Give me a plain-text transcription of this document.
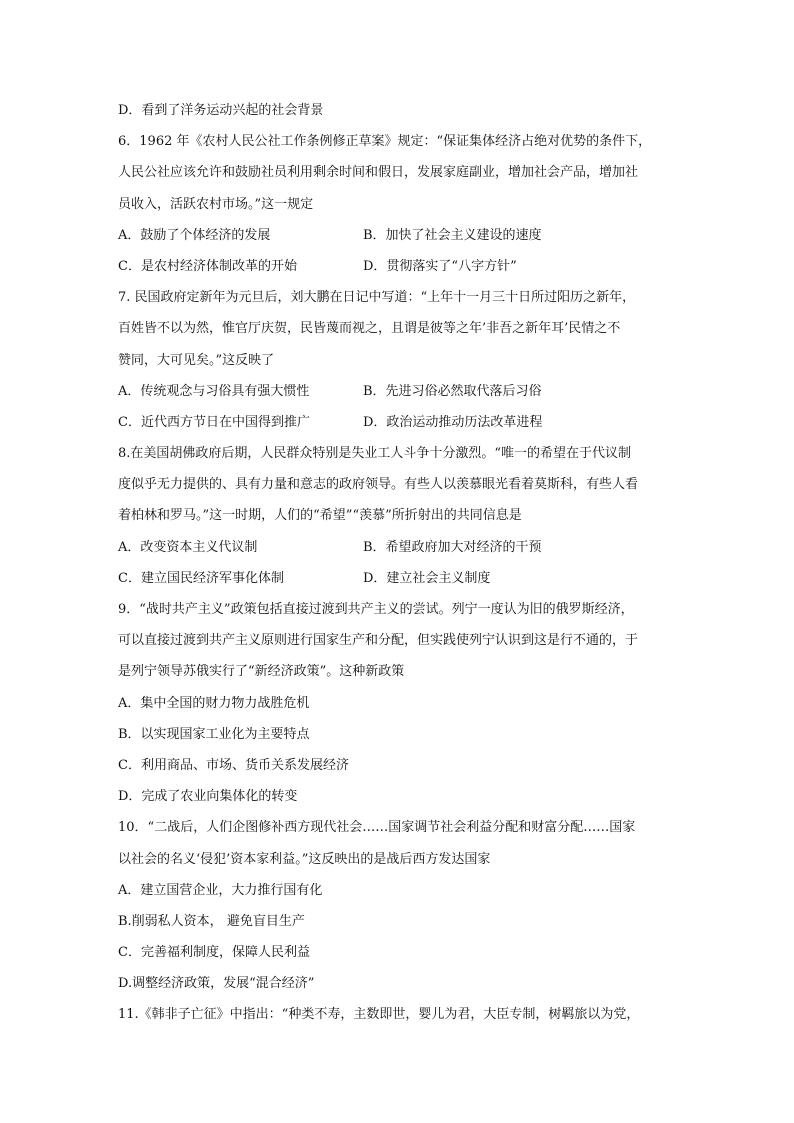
D．看到了洋务运动兴起的社会背景
6．1962 年《农村人民公社工作条例修正草案》规定：“保证集体经济占绝对优势的条件下，
人民公社应该允许和鼓励社员利用剩余时间和假日，发展家庭副业，增加社会产品，增加社
员收入，活跃农村市场。”这一规定
A．鼓励了个体经济的发展	B．加快了社会主义建设的速度
C．是农村经济体制改革的开始	D．贯彻落实了“八字方针”
7. 民国政府定新年为元旦后，刘大鹏在日记中写道：“上年十一月三十日所过阳历之新年，
百姓皆不以为然，惟官厅庆贺，民皆蔑而视之，且谓是彼等之年’非吾之新年耳’民情之不
赞同，大可见矣。”这反映了
A．传统观念与习俗具有强大惯性	B．先进习俗必然取代落后习俗
C．近代西方节日在中国得到推广	D．政治运动推动历法改革进程
8.在美国胡佛政府后期，人民群众特别是失业工人斗争十分激烈。“唯一的希望在于代议制
度似乎无力提供的、具有力量和意志的政府领导。有些人以羡慕眼光看着莫斯科，有些人看
着柏林和罗马。”这一时期，人们的“希望”“羡慕”所折射出的共同信息是
A．改变资本主义代议制	B．希望政府加大对经济的干预
C．建立国民经济军事化体制	D．建立社会主义制度
9．“战时共产主义”政策包括直接过渡到共产主义的尝试。列宁一度认为旧的俄罗斯经济，
可以直接过渡到共产主义原则进行国家生产和分配，但实践使列宁认识到这是行不通的，于
是列宁领导苏俄实行了“新经济政策”。这种新政策
A．集中全国的财力物力战胜危机
B．以实现国家工业化为主要特点
C．利用商品、市场、货币关系发展经济
D．完成了农业向集体化的转变
10．“二战后，人们企图修补西方现代社会……国家调节社会利益分配和财富分配……国家
以社会的名义‘侵犯’资本家利益。”这反映出的是战后西方发达国家
A．建立国营企业，大力推行国有化
B.削弱私人资本， 避免盲目生产
C．完善福利制度，保障人民利益
D.调整经济政策，发展“混合经济”
11.《韩非子亡征》中指出：“种类不寿，主数即世，婴儿为君，大臣专制，树羁旅以为党，
